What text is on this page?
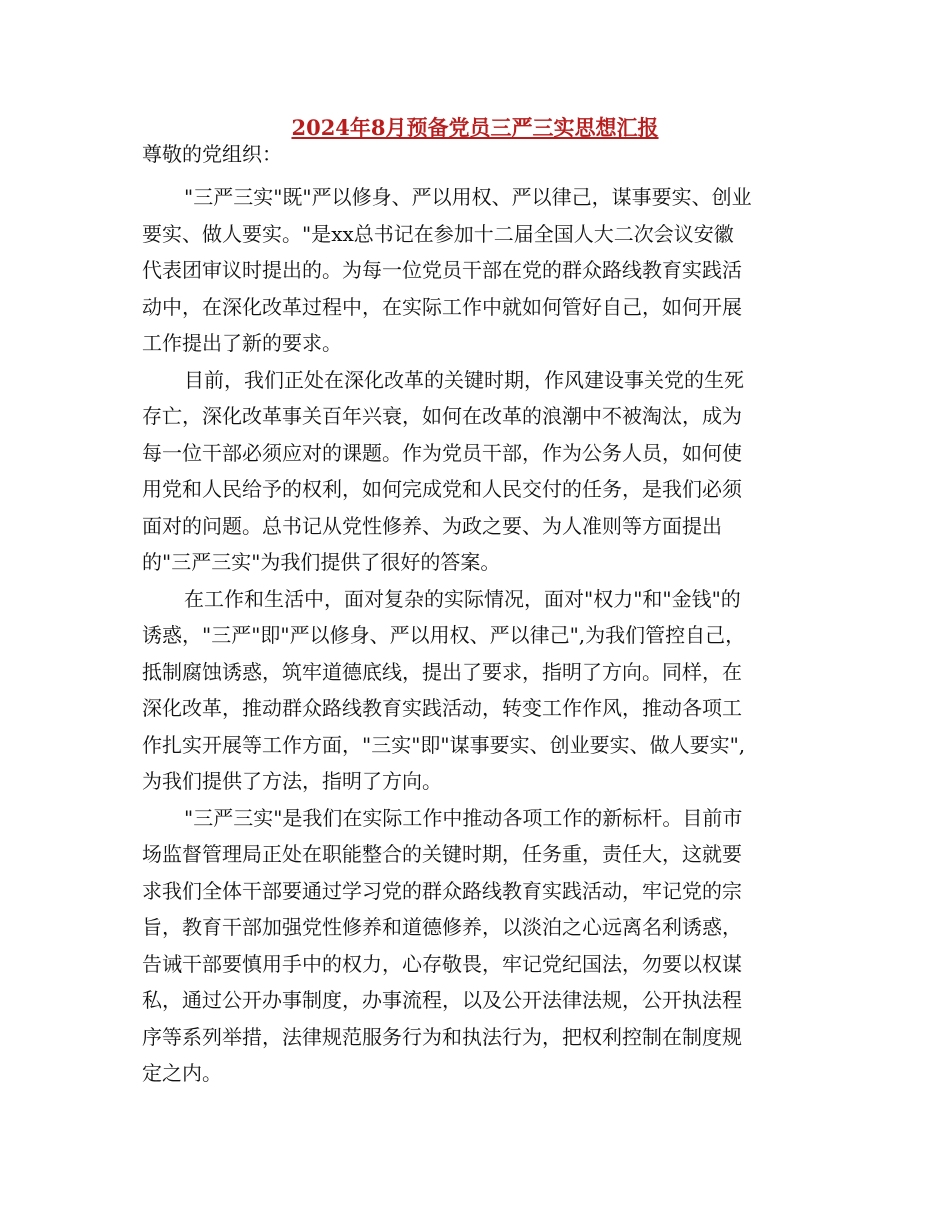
2024年8月预备党员三严三实思想汇报

尊敬的党组织：

"三严三实"既"严以修身、严以用权、严以律己，谋事要实、创业

要实、做人要实。"是xx总书记在参加十二届全国人大二次会议安徽

代表团审议时提出的。为每一位党员干部在党的群众路线教育实践活

动中，在深化改革过程中，在实际工作中就如何管好自己，如何开展

工作提出了新的要求。

目前，我们正处在深化改革的关键时期，作风建设事关党的生死

存亡，深化改革事关百年兴衰，如何在改革的浪潮中不被淘汰，成为

每一位干部必须应对的课题。作为党员干部，作为公务人员，如何使

用党和人民给予的权利，如何完成党和人民交付的任务，是我们必须

面对的问题。总书记从党性修养、为政之要、为人准则等方面提出

的"三严三实"为我们提供了很好的答案。

在工作和生活中，面对复杂的实际情况，面对"权力"和"金钱"的

诱惑，"三严"即"严以修身、严以用权、严以律己",为我们管控自己，

抵制腐蚀诱惑，筑牢道德底线，提出了要求，指明了方向。同样，在

深化改革，推动群众路线教育实践活动，转变工作作风，推动各项工

作扎实开展等工作方面，"三实"即"谋事要实、创业要实、做人要实",

为我们提供了方法，指明了方向。

"三严三实"是我们在实际工作中推动各项工作的新标杆。目前市

场监督管理局正处在职能整合的关键时期，任务重，责任大，这就要

求我们全体干部要通过学习党的群众路线教育实践活动，牢记党的宗

旨，教育干部加强党性修养和道德修养，以淡泊之心远离名利诱惑，

告诫干部要慎用手中的权力，心存敬畏，牢记党纪国法，勿要以权谋

私，通过公开办事制度，办事流程，以及公开法律法规，公开执法程

序等系列举措，法律规范服务行为和执法行为，把权利控制在制度规

定之内。
